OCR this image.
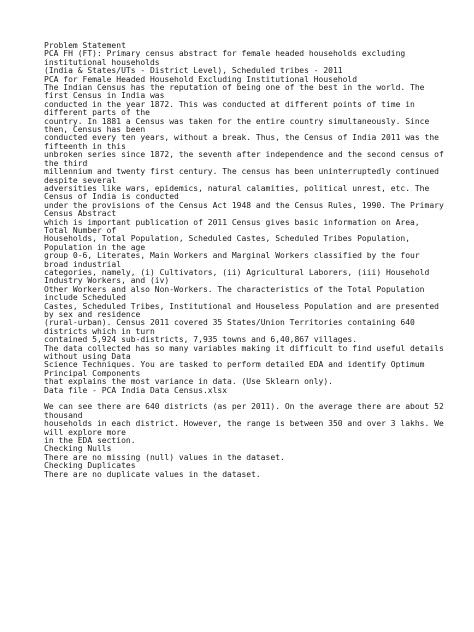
Problem Statement
PCA FH (FT): Primary census abstract for female headed households excluding
institutional households
(India & States/UTs - District Level), Scheduled tribes - 2011
PCA for Female Headed Household Excluding Institutional Household
The Indian Census has the reputation of being one of the best in the world. The
first Census in India was
conducted in the year 1872. This was conducted at different points of time in
different parts of the
country. In 1881 a Census was taken for the entire country simultaneously. Since
then, Census has been
conducted every ten years, without a break. Thus, the Census of India 2011 was the
fifteenth in this
unbroken series since 1872, the seventh after independence and the second census of
the third
millennium and twenty first century. The census has been uninterruptedly continued
despite several
adversities like wars, epidemics, natural calamities, political unrest, etc. The
Census of India is conducted
under the provisions of the Census Act 1948 and the Census Rules, 1990. The Primary
Census Abstract
which is important publication of 2011 Census gives basic information on Area,
Total Number of
Households, Total Population, Scheduled Castes, Scheduled Tribes Population,
Population in the age
group 0-6, Literates, Main Workers and Marginal Workers classified by the four
broad industrial
categories, namely, (i) Cultivators, (ii) Agricultural Laborers, (iii) Household
Industry Workers, and (iv)
Other Workers and also Non-Workers. The characteristics of the Total Population
include Scheduled
Castes, Scheduled Tribes, Institutional and Houseless Population and are presented
by sex and residence
(rural-urban). Census 2011 covered 35 States/Union Territories containing 640
districts which in turn
contained 5,924 sub-districts, 7,935 towns and 6,40,867 villages.
The data collected has so many variables making it difficult to find useful details
without using Data
Science Techniques. You are tasked to perform detailed EDA and identify Optimum
Principal Components
that explains the most variance in data. (Use Sklearn only).
Data file - PCA India Data Census.xlsx
We can see there are 640 districts (as per 2011). On the average there are about 52
thousand
households in each district. However, the range is between 350 and over 3 lakhs. We
will explore more
in the EDA section.
Checking Nulls
There are no missing (null) values in the dataset.
Checking Duplicates
There are no duplicate values in the dataset.
